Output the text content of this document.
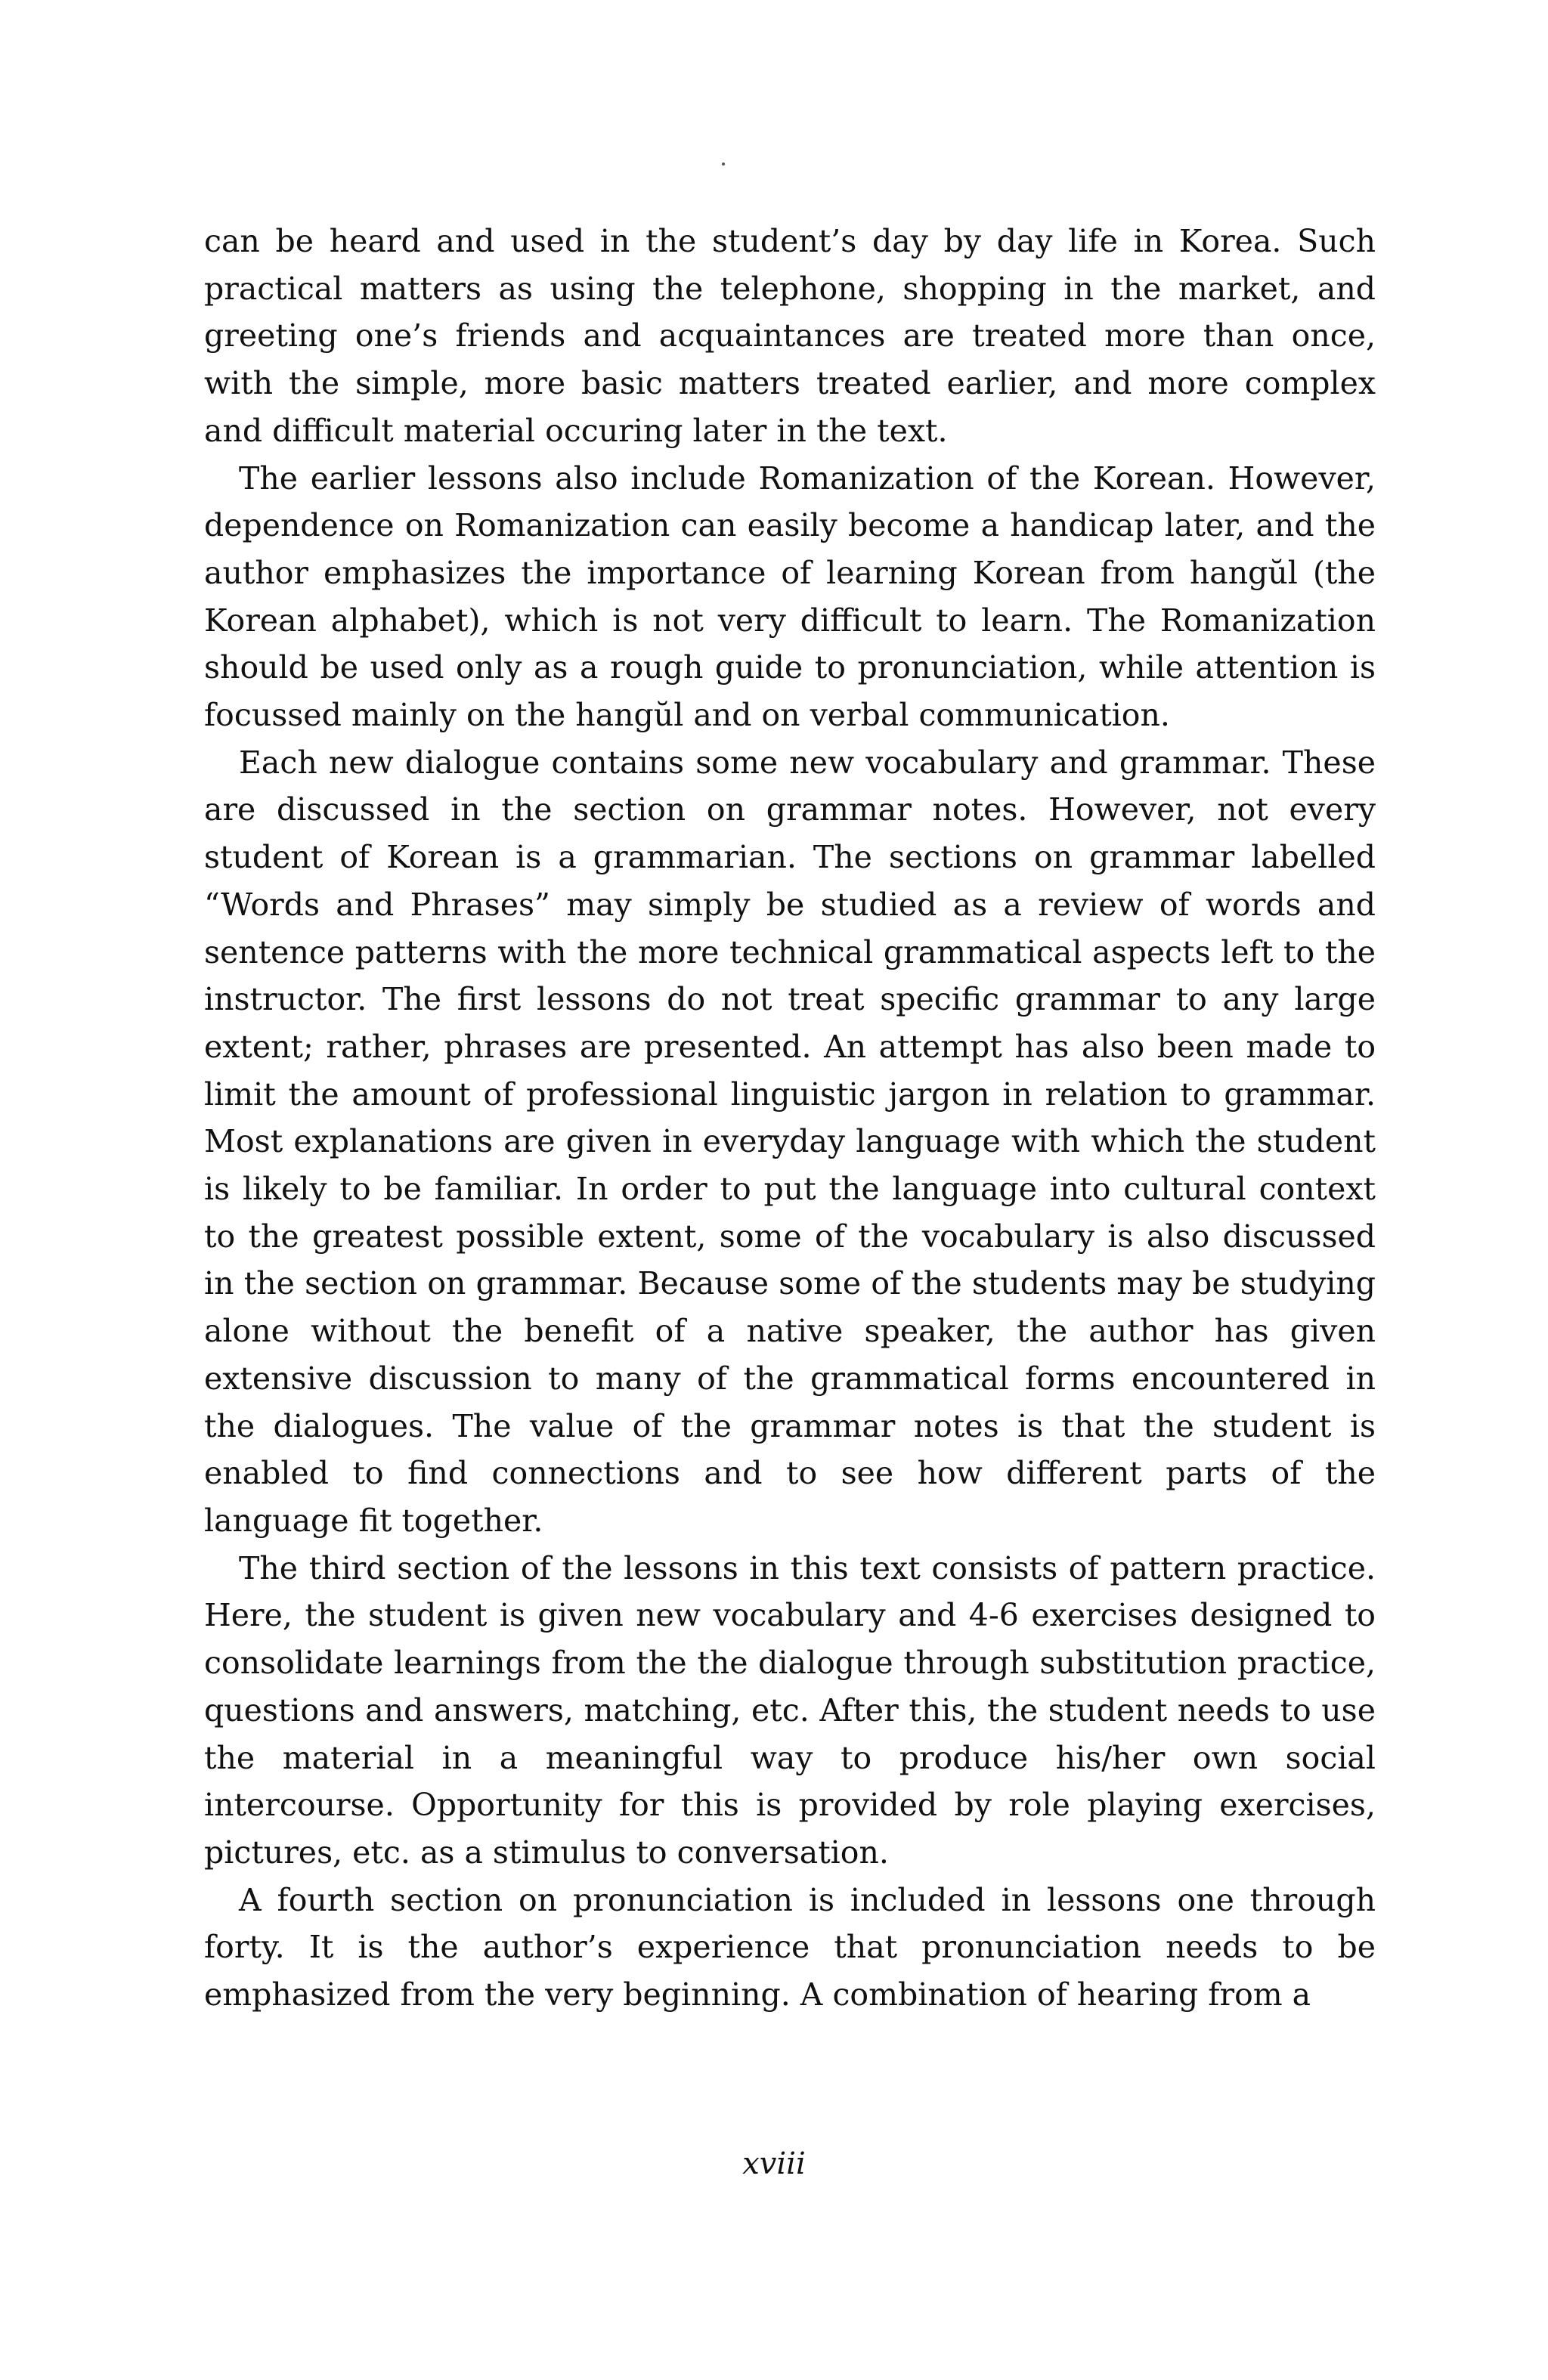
can be heard and used in the student’s day by day life in Korea. Such practical matters as using the telephone, shopping in the market, and greeting one’s friends and acquaintances are treated more than once, with the simple, more basic matters treated earlier, and more complex and difficult material occuring later in the text.

The earlier lessons also include Romanization of the Korean. However, dependence on Romanization can easily become a handicap later, and the author emphasizes the importance of learning Korean from hangŭl (the Korean alphabet), which is not very difficult to learn. The Romanization should be used only as a rough guide to pronunciation, while attention is focussed mainly on the hangŭl and on verbal communication.

Each new dialogue contains some new vocabulary and grammar. These are discussed in the section on grammar notes. However, not every student of Korean is a grammarian. The sections on grammar labelled “Words and Phrases” may simply be studied as a review of words and sentence patterns with the more technical grammatical aspects left to the instructor. The first lessons do not treat specific grammar to any large extent; rather, phrases are presented. An attempt has also been made to limit the amount of professional linguistic jargon in relation to grammar. Most explanations are given in everyday language with which the student is likely to be familiar. In order to put the language into cultural context to the greatest possible extent, some of the vocabulary is also discussed in the section on grammar. Because some of the students may be studying alone without the benefit of a native speaker, the author has given extensive discussion to many of the grammatical forms encountered in the dialogues. The value of the grammar notes is that the student is enabled to find connections and to see how different parts of the language fit together.

The third section of the lessons in this text consists of pattern practice. Here, the student is given new vocabulary and 4-6 exercises designed to consolidate learnings from the the dialogue through substitution practice, questions and answers, matching, etc. After this, the student needs to use the material in a meaningful way to produce his/her own social intercourse. Opportunity for this is provided by role playing exercises, pictures, etc. as a stimulus to conversation.

A fourth section on pronunciation is included in lessons one through forty. It is the author’s experience that pronunciation needs to be emphasized from the very beginning. A combination of hearing from a

xviii
